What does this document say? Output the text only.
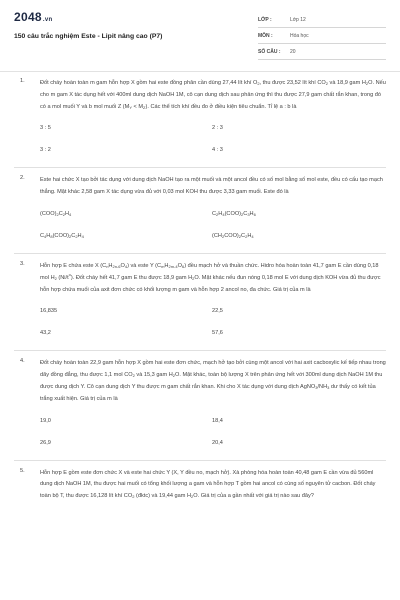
2048.vn
150 câu trắc nghiệm Este - Lipit nâng cao (P7)
LỚP :	Lớp 12
MÔN :	Hóa học
SỐ CÂU :	20
1.	Đốt cháy hoàn toàn m gam hỗn hợp X gồm hai este đồng phân cần dùng 27,44 lít khí $O_2$, thu được 23,52 lít khí $CO_2$ và 18,9 gam $H_2O$. Nếu cho m gam X tác dụng hết với 400ml dung dịch NaOH 1M, cô cạn dung dịch sau phản ứng thì thu được 27,9 gam chất rắn khan, trong đó có a mol muối Y và b mol muối Z $(M_Y < M_Z)$. Các thể tích khí đều đo ở điều kiện tiêu chuẩn. Tỉ lệ a : b là
3 : 5	2 : 3
3 : 2	4 : 3
2.	Este hai chức X tạo bởi tác dụng với dung dịch NaOH tạo ra một muối và một ancol đều có số mol bằng số mol este, đều có cấu tạo mạch thẳng. Mặt khác 2,58 gam X tác dụng vừa đủ với 0,03 mol KOH thu được 3,33 gam muối. Este đó là
$(COO)_2C_2H_4$	$C_2H_4(COO)_2C_3H_6$
$C_4H_8(COO)_2C_2H_4$	$(CH_2COO)_2C_2H_4$
3.	Hỗn hợp E chứa este X $(C_nH_{2n-6}O_4)$ và este Y $(C_mH_{2m-4}O_6)$ đều mạch hở và thuần chức. Hidro hóa hoàn toàn 41,7 gam E cần dùng 0,18 mol $H_2$ $(Ni/t^o)$. Đốt cháy hết 41,7 gam E thu được 18,9 gam $H_2O$. Mặt khác nếu đun nóng 0,18 mol E với dung dịch KOH vừa đủ thu được hỗn hợp chứa muối của axit đơn chức có khối lượng m gam và hỗn hợp 2 ancol no, đa chức. Giá trị của m là
16,835	22,5
43,2	57,6
4.	Đốt cháy hoàn toàn 22,9 gam hỗn hợp X gồm hai este đơn chức, mạch hở tạo bởi cùng một ancol với hai axit cacboxylic kế tiếp nhau trong dãy đồng đẳng, thu được 1,1 mol $CO_2$ và 15,3 gam $H_2O$. Mặt khác, toàn bộ lượng X trên phản ứng hết với 300ml dung dịch NaOH 1M thu được dung dịch Y. Cô cạn dung dịch Y thu được m gam chất rắn khan. Khi cho X tác dụng với dung dịch $AgNO_3/NH_3$ dư thấy có kết tủa trắng xuất hiện. Giá trị của m là
19,0	18,4
26,9	20,4
5.	Hỗn hợp E gồm este đơn chức X và este hai chức Y (X, Y đều no, mạch hở). Xà phòng hóa hoàn toàn 40,48 gam E cần vừa đủ 560ml dung dịch NaOH 1M, thu được hai muối có tổng khối lượng a gam và hỗn hợp T gồm hai ancol có cùng số nguyên tử cacbon. Đốt cháy toàn bộ T, thu được 16,128 lít khí $CO_2$ (đktc) và 19,44 gam $H_2O$. Giá trị của a gần nhất với giá trị nào sau đây?
